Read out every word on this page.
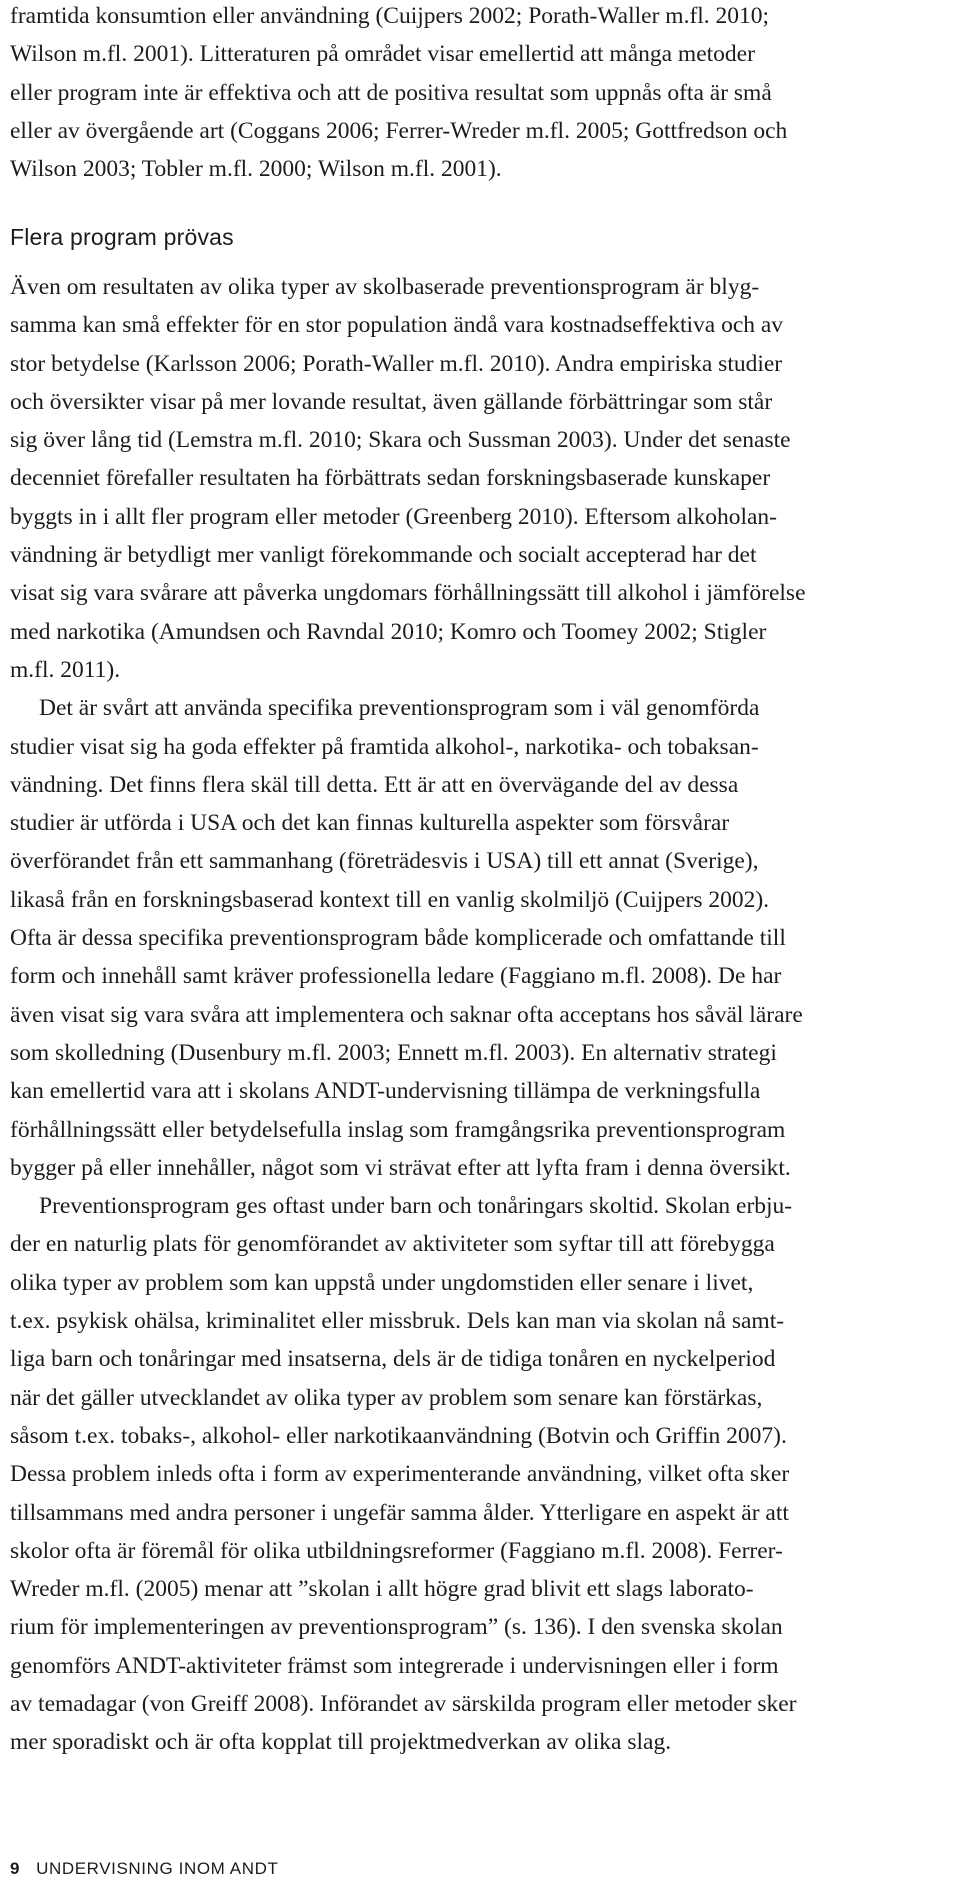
framtida konsumtion eller användning (Cuijpers 2002; Porath-Waller m.fl. 2010;
Wilson m.fl. 2001). Litteraturen på området visar emellertid att många metoder
eller program inte är effektiva och att de positiva resultat som uppnås ofta är små
eller av övergående art (Coggans 2006; Ferrer-Wreder m.fl. 2005; Gottfredson och
Wilson 2003; Tobler m.fl. 2000; Wilson m.fl. 2001).
Flera program prövas
Även om resultaten av olika typer av skolbaserade preventionsprogram är blyg-
samma kan små effekter för en stor population ändå vara kostnadseffektiva och av
stor betydelse (Karlsson 2006; Porath-Waller m.fl. 2010). Andra empiriska studier
och översikter visar på mer lovande resultat, även gällande förbättringar som står
sig över lång tid (Lemstra m.fl. 2010; Skara och Sussman 2003). Under det senaste
decenniet förefaller resultaten ha förbättrats sedan forskningsbaserade kunskaper
byggts in i allt fler program eller metoder (Greenberg 2010). Eftersom alkoholan-
vändning är betydligt mer vanligt förekommande och socialt accepterad har det
visat sig vara svårare att påverka ungdomars förhållningssätt till alkohol i jämförelse
med narkotika (Amundsen och Ravndal 2010; Komro och Toomey 2002; Stigler
m.fl. 2011).
Det är svårt att använda specifika preventionsprogram som i väl genomförda
studier visat sig ha goda effekter på framtida alkohol-, narkotika- och tobaksan-
vändning. Det finns flera skäl till detta. Ett är att en övervägande del av dessa
studier är utförda i USA och det kan finnas kulturella aspekter som försvårar
överförandet från ett sammanhang (företrädesvis i USA) till ett annat (Sverige),
likaså från en forskningsbaserad kontext till en vanlig skolmiljö (Cuijpers 2002).
Ofta är dessa specifika preventionsprogram både komplicerade och omfattande till
form och innehåll samt kräver professionella ledare (Faggiano m.fl. 2008). De har
även visat sig vara svåra att implementera och saknar ofta acceptans hos såväl lärare
som skolledning (Dusenbury m.fl. 2003; Ennett m.fl. 2003). En alternativ strategi
kan emellertid vara att i skolans ANDT-undervisning tillämpa de verkningsfulla
förhållningssätt eller betydelsefulla inslag som framgångsrika preventionsprogram
bygger på eller innehåller, något som vi strävat efter att lyfta fram i denna översikt.
Preventionsprogram ges oftast under barn och tonåringars skoltid. Skolan erbju-
der en naturlig plats för genomförandet av aktiviteter som syftar till att förebygga
olika typer av problem som kan uppstå under ungdomstiden eller senare i livet,
t.ex. psykisk ohälsa, kriminalitet eller missbruk. Dels kan man via skolan nå samt-
liga barn och tonåringar med insatserna, dels är de tidiga tonåren en nyckelperiod
när det gäller utvecklandet av olika typer av problem som senare kan förstärkas,
såsom t.ex. tobaks-, alkohol- eller narkotikaanvändning (Botvin och Griffin 2007).
Dessa problem inleds ofta i form av experimenterande användning, vilket ofta sker
tillsammans med andra personer i ungefär samma ålder. Ytterligare en aspekt är att
skolor ofta är föremål för olika utbildningsreformer (Faggiano m.fl. 2008). Ferrer-
Wreder m.fl. (2005) menar att ”skolan i allt högre grad blivit ett slags laborato-
rium för implementeringen av preventionsprogram” (s. 136). I den svenska skolan
genomförs ANDT-aktiviteter främst som integrerade i undervisningen eller i form
av temadagar (von Greiff 2008). Införandet av särskilda program eller metoder sker
mer sporadiskt och är ofta kopplat till projektmedverkan av olika slag.
9 UNDERVISNING INOM ANDT
